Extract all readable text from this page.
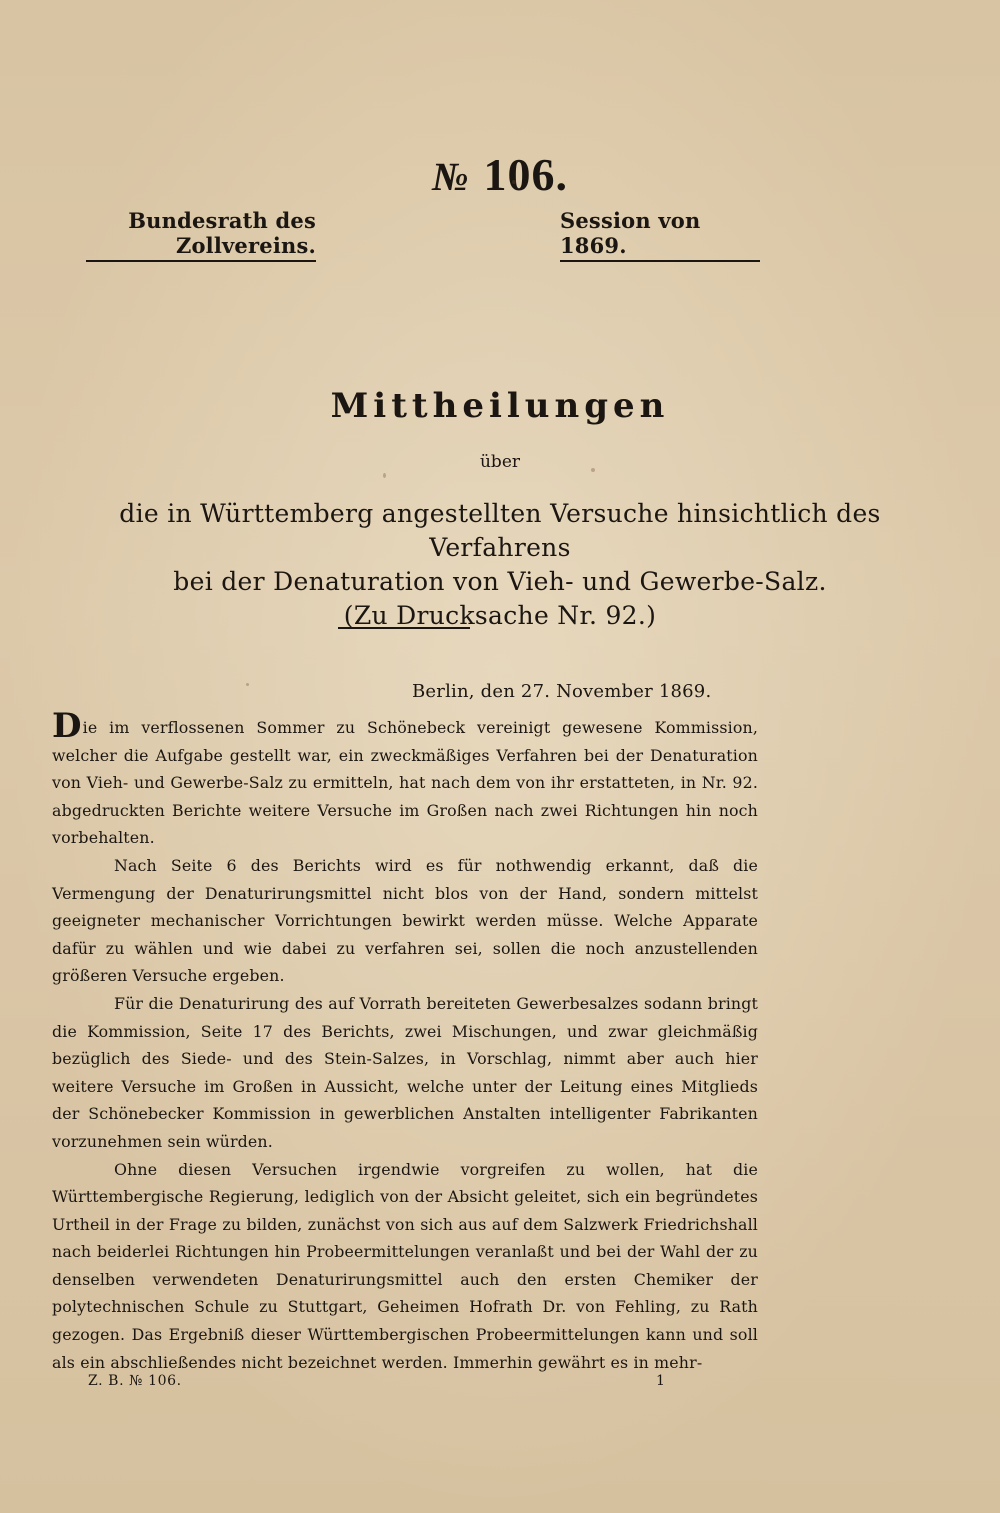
№ 106.
Bundesrath des Zollvereins.
Session von 1869.
Mittheilungen
über
die in Württemberg angestellten Versuche hinsichtlich des Verfahrens
bei der Denaturation von Vieh- und Gewerbe-Salz.
(Zu Drucksache Nr. 92.)
Berlin, den 27. November 1869.

Die im verflossenen Sommer zu Schönebeck vereinigt gewesene Kommission, welcher die Aufgabe gestellt war, ein zweckmäßiges Verfahren bei der Denaturation von Vieh- und Gewerbe-Salz zu ermitteln, hat nach dem von ihr erstatteten, in Nr. 92. abgedruckten Berichte weitere Versuche im Großen nach zwei Richtungen hin noch vorbehalten.

Nach Seite 6 des Berichts wird es für nothwendig erkannt, daß die Vermengung der Denaturirungsmittel nicht blos von der Hand, sondern mittelst geeigneter mechanischer Vorrichtungen bewirkt werden müsse. Welche Apparate dafür zu wählen und wie dabei zu verfahren sei, sollen die noch anzustellenden größeren Versuche ergeben.

Für die Denaturirung des auf Vorrath bereiteten Gewerbesalzes sodann bringt die Kommission, Seite 17 des Berichts, zwei Mischungen, und zwar gleichmäßig bezüglich des Siede- und des Stein-Salzes, in Vorschlag, nimmt aber auch hier weitere Versuche im Großen in Aussicht, welche unter der Leitung eines Mitglieds der Schönebecker Kommission in gewerblichen Anstalten intelligenter Fabrikanten vorzunehmen sein würden.

Ohne diesen Versuchen irgendwie vorgreifen zu wollen, hat die Württembergische Regierung, lediglich von der Absicht geleitet, sich ein begründetes Urtheil in der Frage zu bilden, zunächst von sich aus auf dem Salzwerk Friedrichshall nach beiderlei Richtungen hin Probeermittelungen veranlaßt und bei der Wahl der zu denselben verwendeten Denaturirungsmittel auch den ersten Chemiker der polytechnischen Schule zu Stuttgart, Geheimen Hofrath Dr. von Fehling, zu Rath gezogen. Das Ergebniß dieser Württembergischen Probeermittelungen kann und soll als ein abschließendes nicht bezeichnet werden. Immerhin gewährt es in mehr-

Z. B. № 106.	1
